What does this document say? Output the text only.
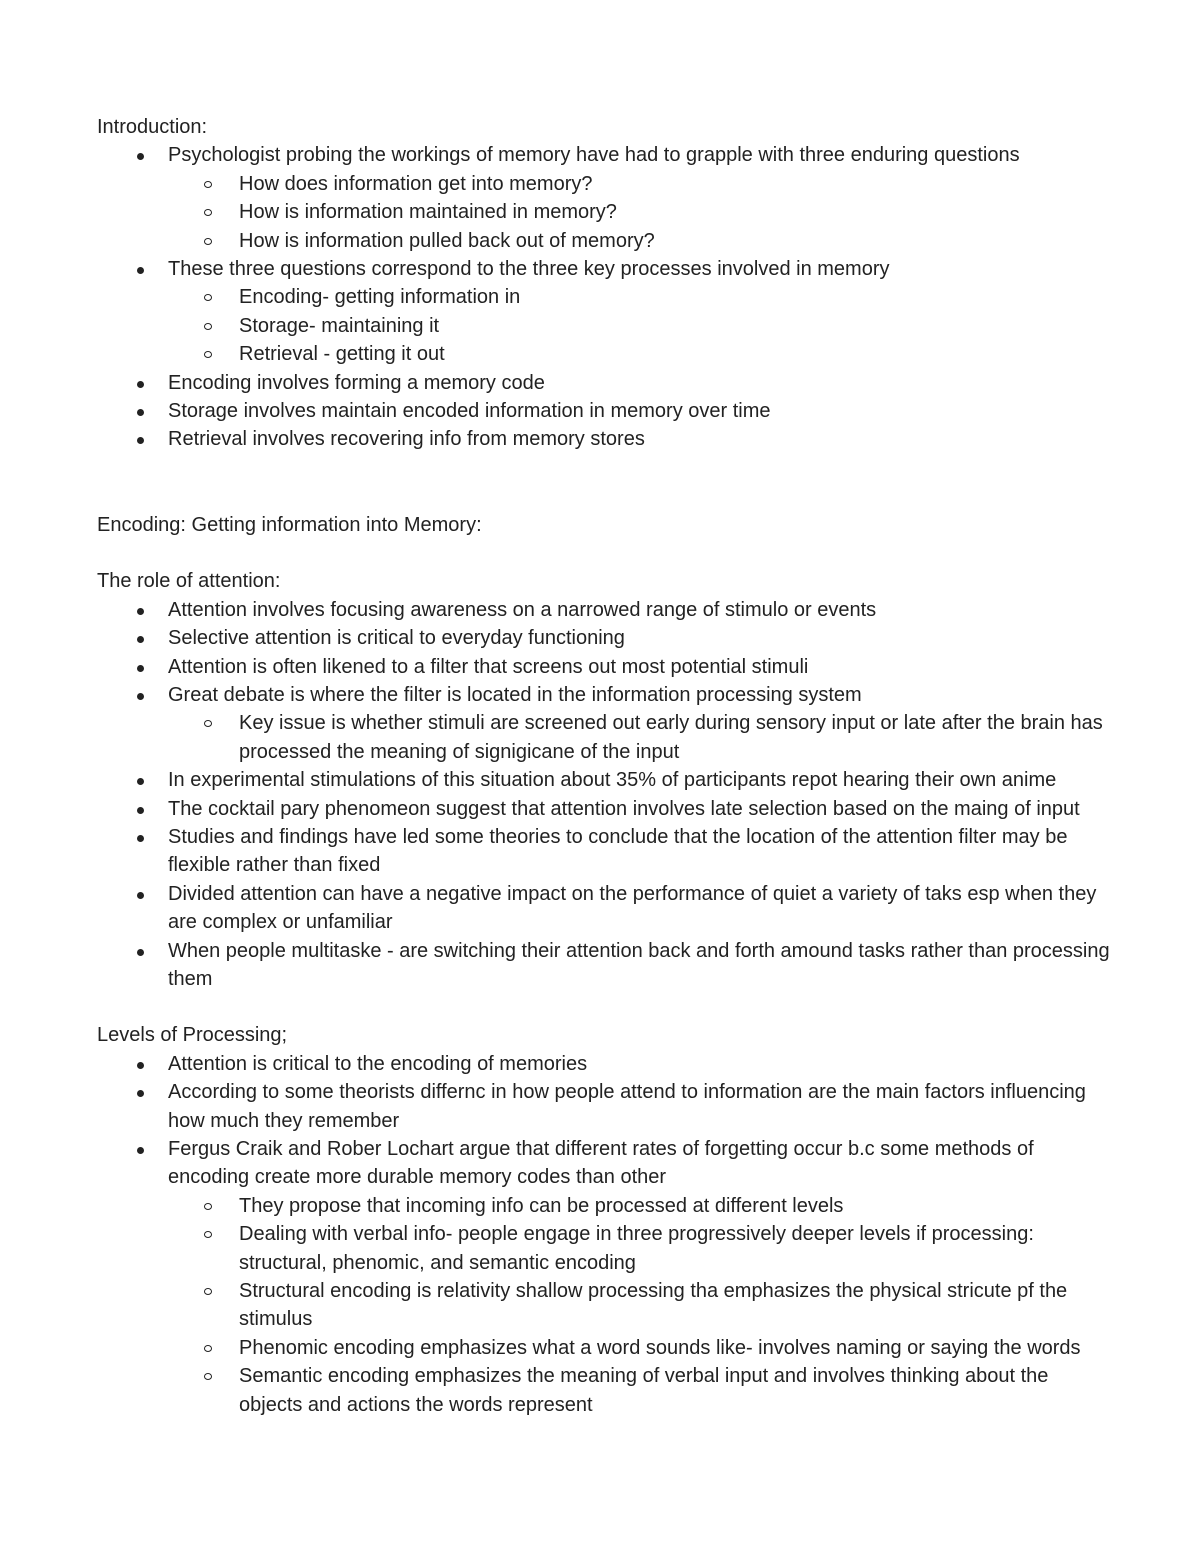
Introduction:

Psychologist probing the workings of memory have had to grapple with three enduring questions
How does information get into memory?
How is information maintained in memory?
How is information pulled back out of memory?
These three questions correspond to the three key processes involved in memory
Encoding- getting information in
Storage- maintaining it
Retrieval - getting it out
Encoding involves forming a memory code
Storage involves maintain encoded information in memory over time
Retrieval involves recovering info from memory stores

Encoding: Getting information into Memory:

The role of attention:

Attention involves focusing awareness on a narrowed range of stimulo or events
Selective attention is critical to everyday functioning
Attention is often likened to a filter that screens out most potential stimuli
Great debate is where the filter is located in the information processing system
Key issue is whether stimuli are screened out early during sensory input or late after the brain has processed the meaning of signigicane of the input
In experimental stimulations of this situation about 35% of participants repot hearing their own anime
The cocktail pary phenomeon suggest that attention involves late selection based on the maing of input
Studies and findings have led some theories to conclude that the location of the attention filter may be flexible rather than fixed
Divided attention can have a negative impact on the performance of quiet a variety of taks esp when they are complex or unfamiliar
When people multitaske - are switching their attention back and forth amound tasks rather than processing them

Levels of Processing;

Attention is critical to the encoding of memories
According to some theorists differnc in how people attend to information are the main factors influencing how much they remember
Fergus Craik and Rober Lochart argue that different rates of forgetting occur b.c some methods of encoding create more durable memory codes than other
They propose that incoming info can be processed at different levels
Dealing with verbal info- people engage in three progressively deeper levels if processing: structural, phenomic, and semantic encoding
Structural encoding is relativity shallow processing tha emphasizes the physical stricute pf the stimulus
Phenomic encoding emphasizes what a word sounds like- involves naming or saying the words
Semantic encoding emphasizes the meaning of verbal input and involves thinking about the objects and actions the words represent
